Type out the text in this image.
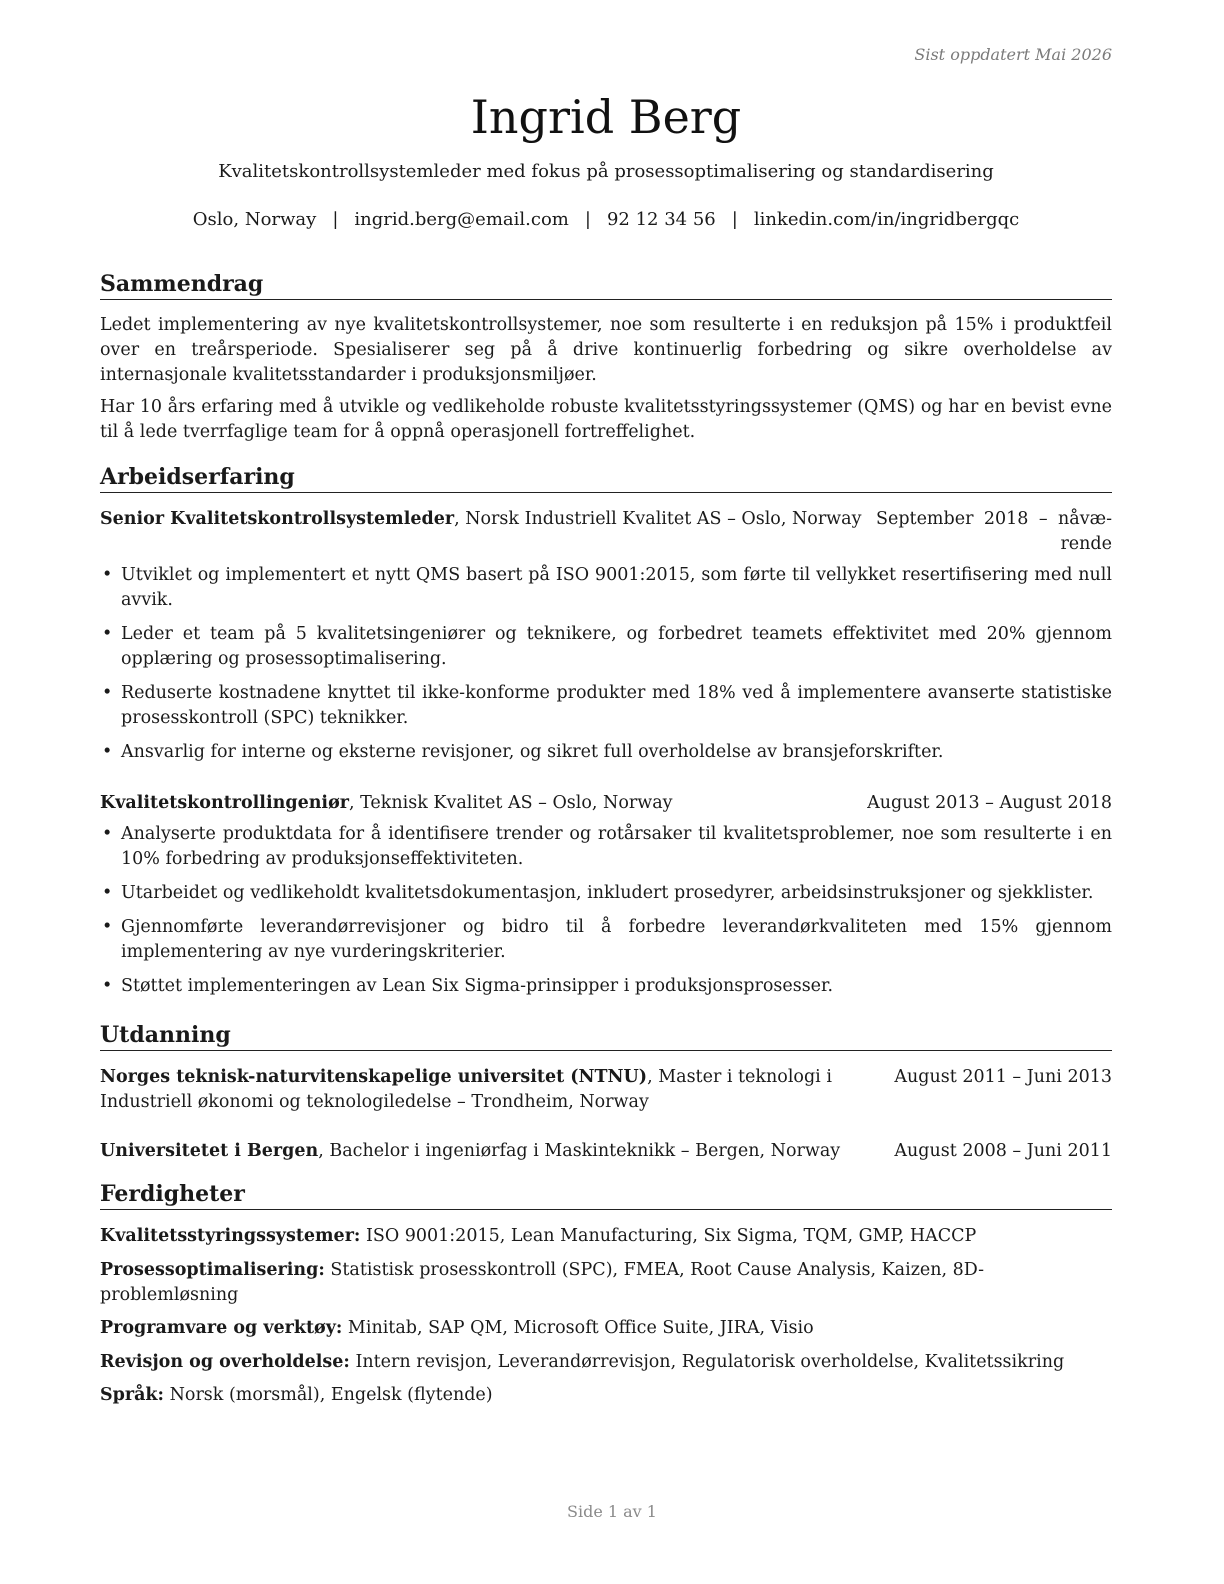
Sist oppdatert Mai 2026
Ingrid Berg
Kvalitetskontrollsystemleder med fokus på prosessoptimalisering og standardisering
Oslo, Norway | ingrid.berg@email.com | 92 12 34 56 | linkedin.com/in/ingridbergqc
Sammendrag

Ledet implementering av nye kvalitetskontrollsystemer, noe som resulterte i en reduksjon på 15% i produktfeil over en treårsperiode. Spesialiserer seg på å drive kontinuerlig forbedring og sikre overholdelse av internasjonale kvalitetsstandarder i produksjonsmiljøer.

Har 10 års erfaring med å utvikle og vedlikeholde robuste kvalitetsstyringssystemer (QMS) og har en bevist evne til å lede tverrfaglige team for å oppnå operasjonell fortreffelighet.

Arbeidserfaring
Senior Kvalitetskontrollsystemleder, Norsk Industriell Kvalitet AS – Oslo, Norway September 2018 – nåværende
• Utviklet og implementert et nytt QMS basert på ISO 9001:2015, som førte til vellykket resertifisering med null avvik.
• Leder et team på 5 kvalitetsingeniører og teknikere, og forbedret teamets effektivitet med 20% gjennom opplæring og prosessoptimalisering.
• Reduserte kostnadene knyttet til ikke-konforme produkter med 18% ved å implementere avanserte statistiske prosesskontroll (SPC) teknikker.
• Ansvarlig for interne og eksterne revisjoner, og sikret full overholdelse av bransjeforskrifter.
Kvalitetskontrollingeniør, Teknisk Kvalitet AS – Oslo, Norway	August 2013 – August 2018
• Analyserte produktdata for å identifisere trender og rotårsaker til kvalitetsproblemer, noe som resulterte i en 10% forbedring av produksjonseffektiviteten.
• Utarbeidet og vedlikeholdt kvalitetsdokumentasjon, inkludert prosedyrer, arbeidsinstruksjoner og sjekklister.
• Gjennomførte leverandørrevisjoner og bidro til å forbedre leverandørkvaliteten med 15% gjennom implementering av nye vurderingskriterier.
• Støttet implementeringen av Lean Six Sigma-prinsipper i produksjonsprosesser.
Utdanning
Norges teknisk-naturvitenskapelige universitet (NTNU), Master i teknologi i Industriell økonomi og teknologiledelse – Trondheim, Norway
August 2011 – Juni 2013
Universitetet i Bergen, Bachelor i ingeniørfag i Maskinteknikk – Bergen, Norway	August 2008 – Juni 2011
Ferdigheter
Kvalitetsstyringssystemer: ISO 9001:2015, Lean Manufacturing, Six Sigma, TQM, GMP, HACCP
Prosessoptimalisering: Statistisk prosesskontroll (SPC), FMEA, Root Cause Analysis, Kaizen, 8D-problemløsning
Programvare og verktøy: Minitab, SAP QM, Microsoft Office Suite, JIRA, Visio
Revisjon og overholdelse: Intern revisjon, Leverandørrevisjon, Regulatorisk overholdelse, Kvalitetssikring
Språk: Norsk (morsmål), Engelsk (flytende)
Side 1 av 1
